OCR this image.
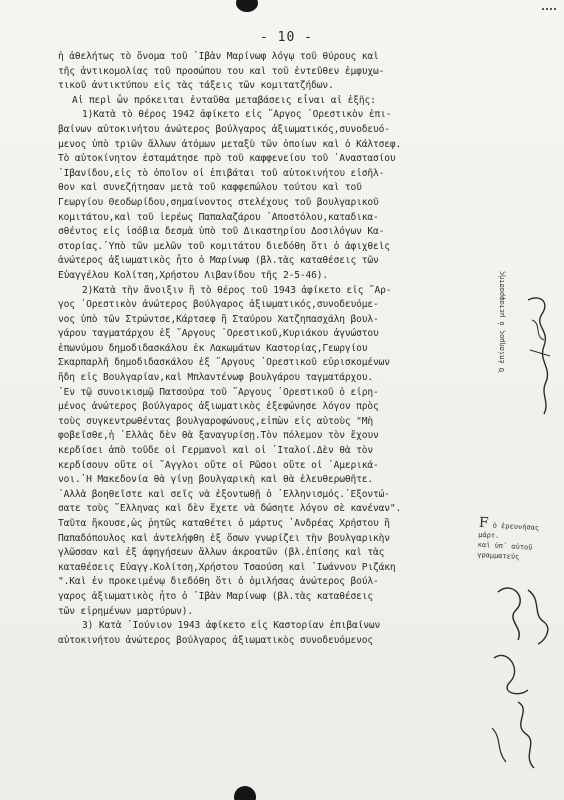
- 10 -
ἡ ἀθελήτως τὸ ὄνομα τοῦ ᾽Ιβὰν Μαρίνωφ λόγῳ τοῦ θύρους καὶ
τῆς ἀντικομολίας τοῦ προσώπου του καὶ τοῦ ἐντεῦθεν ἐμφυχω-
τικοῦ ἀντικτύπου εἰς τὰς τάξεις τῶν κομιτατζήδων.
Αἱ περὶ ὧν πρόκειται ἐνταῦθα μεταβάσεις εἶναι αἱ ἑξῆς:
1)Κατὰ τὸ θέρος 1942 ἀφίκετο εἰς ῎Αργος ᾽Ορεστικὸν ἐπι-
βαίνων αὐτοκινήτου ἀνώτερος βούλγαρος ἀξιωματικός,συνοδευό-
μενος ὑπὸ τριῶν ἄλλων ἀτόμων μεταξὺ τῶν ὁποίων καὶ ὁ Κάλτσεφ.
Τὸ αὐτοκίνητον ἐσταμάτησε πρὸ τοῦ καφφενείου τοῦ ᾽Αναστασίου
᾽Ιβανίδου,εἰς τὸ ὁποῖον οἱ ἐπιβάται τοῦ αὐτοκινήτου εἰσῆλ-
θον καὶ συνεζήτησαν μετὰ τοῦ καφφεπώλου τούτου καὶ τοῦ
Γεωργίου Θεοδωρίδου,σημαίνοντος στελέχους τοῦ βουλγαρικοῦ
κομιτάτου,καὶ τοῦ ἱερέως Παπαλαζάρου ᾽Αποστόλου,καταδικα-
σθέντος εἰς ἰσόβια δεσμὰ ὑπὸ τοῦ Δικαστηρίου Δοσιλόγων Κα-
στορίας.῾Υπὸ τῶν μελῶν τοῦ κομιτάτου διεδόθη ὅτι ὁ ἀφιχθεὶς
ἀνώτερος ἀξιωματικὸς ἦτο ὁ Μαρίνωφ (βλ.τὰς καταθέσεις τῶν
Εὐαγγέλου Κολίτση,Χρήστου Λιβανίδου τῆς 2-5-46).
2)Κατὰ τὴν ἄνοιξιν ἢ τὸ θέρος τοῦ 1943 ἀφίκετο εἰς ῎Αρ-
γος ᾽Ορεστικὸν ἀνώτερος βούλγαρος ἀξιωματικός,συνοδευόμε-
νος ὑπὸ τῶν Στρώντσε,Κάρτσεφ ἢ Σταύρου Χατζηπασχάλη βουλ-
γάρου ταγματάρχου ἐξ ῎Αργους ᾽Ορεστικοῦ,Κυριάκου ἀγνώστου
ἐπωνύμου δημοδιδασκάλου ἐκ Λακωμάτων Καστορίας,Γεωργίου
Σκαρπαρλῆ δημοδιδασκάλου ἐξ ῎Αργους ᾽Ορεστικοῦ εὑρισκομένων
ἤδη εἰς Βουλγαρίαν,καὶ Μπλαντένωφ βουλγάρου ταγματάρχου.
᾽Εν τῷ συνοικισμῷ Πατσούρα τοῦ ῎Αργους ᾽Ορεστικοῦ ὁ εἰρη-
μένος ἀνώτερος βούλγαρος ἀξιωματικὸς ἐξεφώνησε λόγον πρὸς
τοὺς συγκεντρωθέντας βουλγαροφώνους,εἰπὼν εἰς αὐτοὺς "Μὴ
φοβεῖσθε,ἡ ῾Ελλὰς δὲν θὰ ξαναγυρίσῃ.Τὸν πόλεμον τὸν ἔχουν
κερδίσει ἀπὸ τοῦδε οἱ Γερμανοὶ καὶ οἱ ᾽Ιταλοί.Δὲν θὰ τὸν
κερδίσουν οὔτε οἱ ῎Αγγλοι οὔτε οἱ Ρῶσοι οὔτε οἱ ᾽Αμερικά-
νοι.῾Η Μακεδονία θὰ γίνῃ βουλγαρικὴ καὶ θὰ ἐλευθερωθῆτε.
᾽Αλλὰ βοηθεῖστε καὶ σεῖς νὰ ἐξοντωθῇ ὁ ῾Ελληνισμός.᾽Εξοντώ-
σατε τοὺς ῞Ελληνας καὶ δὲν ἔχετε νὰ δώσητε λόγον σὲ κανέναν".
Ταῦτα ἤκουσε,ὡς ῥητῶς καταθέτει ὁ μάρτυς ᾽Ανδρέας Χρήστου ἢ
Παπαδόπουλος καὶ ἀντελήφθη ἐξ ὅσων γνωρίζει τὴν βουλγαρικὴν
γλῶσσαν καὶ ἐξ ἀφηγήσεων ἄλλων ἀκροατῶν (βλ.ἐπίσης καὶ τὰς
καταθέσεις Εὐαγγ.Κολίτση,Χρήστου Τσαούση καὶ ᾽Ιωάννου Ριζάκη
".Καὶ ἐν προκειμένῳ διεδόθη ὅτι ὁ ὁμιλήσας ἀνώτερος βούλ-
γαρος ἀξιωματικὸς ἦτο ὁ ᾽Ιβὰν Μαρίνωφ (βλ.τὰς καταθέσεις
τῶν εἰρημένων μαρτύρων).
3) Κατὰ ᾽Ιούνιον 1943 ἀφίκετο εἰς Καστορίαν ἐπιβαίνων
αὐτοκινήτου ἀνώτερος βούλγαρος ἀξιωματικὸς συνοδευόμενος
Ὁ ἐπίσημος ὁ μεταφραστής
F ὁ ἐρευνήσας μάρτ.
καὶ ὑπ᾽ αὐτοῦ
γραμματεύς
